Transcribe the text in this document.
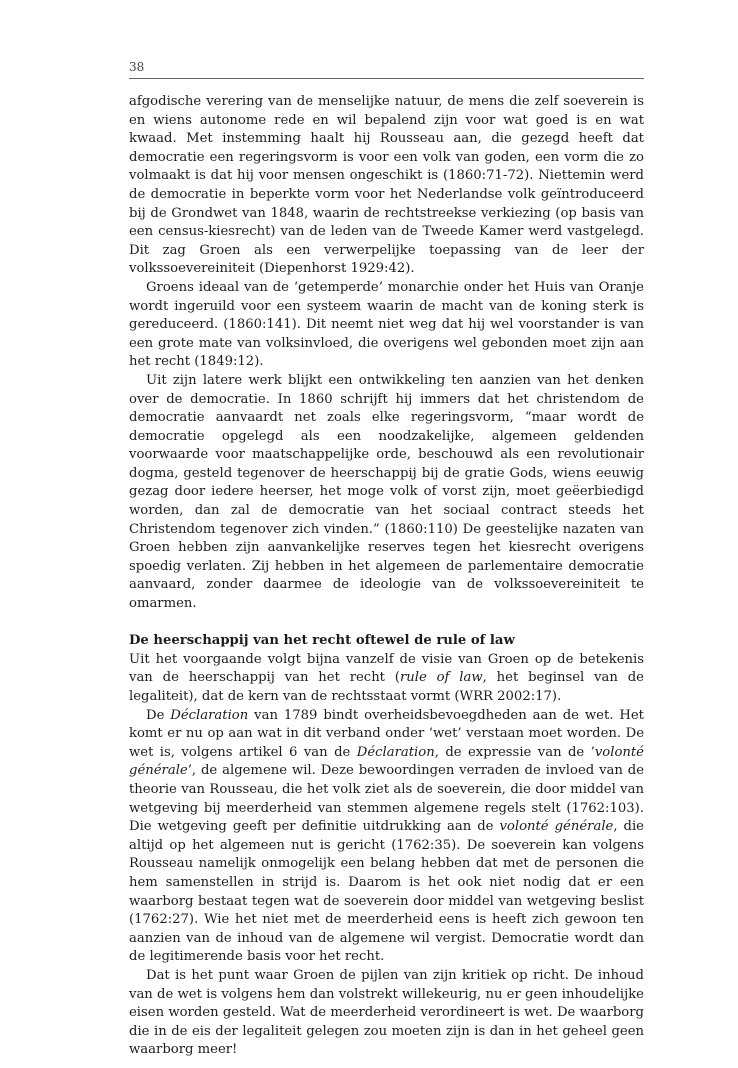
38

afgodische verering van de menselijke natuur, de mens die zelf soeverein is en wiens autonome rede en wil bepalend zijn voor wat goed is en wat kwaad. Met instemming haalt hij Rousseau aan, die gezegd heeft dat democratie een regeringsvorm is voor een volk van goden, een vorm die zo volmaakt is dat hij voor mensen ongeschikt is (1860:71-72). Niettemin werd de democratie in beperkte vorm voor het Nederlandse volk geïntroduceerd bij de Grondwet van 1848, waarin de rechtstreekse verkiezing (op basis van een census-kiesrecht) van de leden van de Tweede Kamer werd vastgelegd. Dit zag Groen als een verwerpelijke toepassing van de leer der volkssoevereiniteit (Diepenhorst 1929:42).

Groens ideaal van de ‘getemperde’ monarchie onder het Huis van Oranje wordt ingeruild voor een systeem waarin de macht van de koning sterk is gereduceerd. (1860:141). Dit neemt niet weg dat hij wel voorstander is van een grote mate van volksinvloed, die overigens wel gebonden moet zijn aan het recht (1849:12).

Uit zijn latere werk blijkt een ontwikkeling ten aanzien van het denken over de democratie. In 1860 schrijft hij immers dat het christendom de democratie aanvaardt net zoals elke regeringsvorm, “maar wordt de democratie opgelegd als een noodzakelijke, algemeen geldenden voorwaarde voor maatschappelijke orde, beschouwd als een revolutionair dogma, gesteld tegenover de heerschappij bij de gratie Gods, wiens eeuwig gezag door iedere heerser, het moge volk of vorst zijn, moet geëerbiedigd worden, dan zal de democratie van het sociaal contract steeds het Christendom tegenover zich vinden.” (1860:110) De geestelijke nazaten van Groen hebben zijn aanvankelijke reserves tegen het kiesrecht overigens spoedig verlaten. Zij hebben in het algemeen de parlementaire democratie aanvaard, zonder daarmee de ideologie van de volkssoevereiniteit te omarmen.

De heerschappij van het recht oftewel de rule of law

Uit het voorgaande volgt bijna vanzelf de visie van Groen op de betekenis van de heerschappij van het recht (rule of law, het beginsel van de legaliteit), dat de kern van de rechtsstaat vormt (WRR 2002:17).

De Déclaration van 1789 bindt overheidsbevoegdheden aan de wet. Het komt er nu op aan wat in dit verband onder ‘wet’ verstaan moet worden. De wet is, volgens artikel 6 van de Déclaration, de expressie van de ’volonté générale’, de algemene wil. Deze bewoordingen verraden de invloed van de theorie van Rousseau, die het volk ziet als de soeverein, die door middel van wetgeving bij meerderheid van stemmen algemene regels stelt (1762:103). Die wetgeving geeft per definitie uitdrukking aan de volonté générale, die altijd op het algemeen nut is gericht (1762:35). De soeverein kan volgens Rousseau namelijk onmogelijk een belang hebben dat met de personen die hem samenstellen in strijd is. Daarom is het ook niet nodig dat er een waarborg bestaat tegen wat de soeverein door middel van wetgeving beslist (1762:27). Wie het niet met de meerderheid eens is heeft zich gewoon ten aanzien van de inhoud van de algemene wil vergist. Democratie wordt dan de legitimerende basis voor het recht.

Dat is het punt waar Groen de pijlen van zijn kritiek op richt. De inhoud van de wet is volgens hem dan volstrekt willekeurig, nu er geen inhoudelijke eisen worden gesteld. Wat de meerderheid verordineert is wet. De waarborg die in de eis der legaliteit gelegen zou moeten zijn is dan in het geheel geen waarborg meer!
